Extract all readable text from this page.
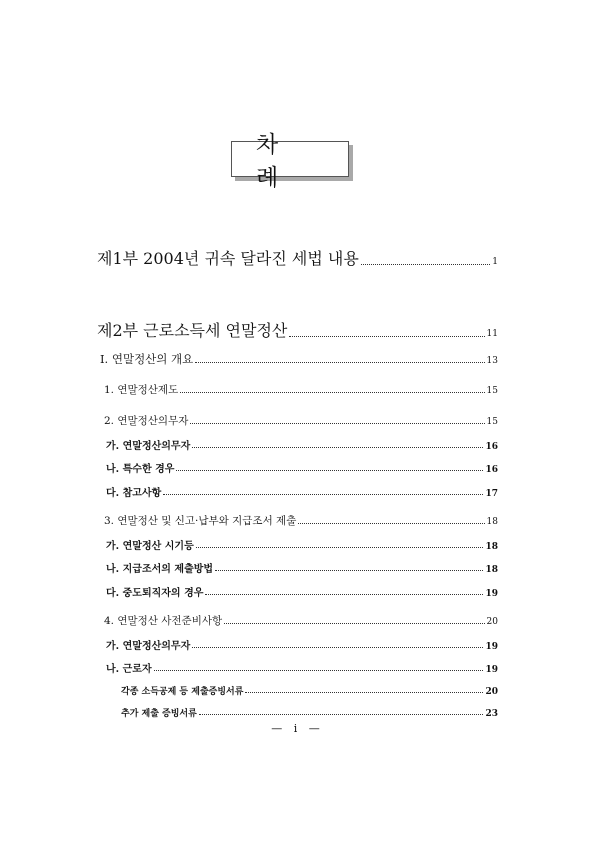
차 례
제1부 2004년 귀속 달라진 세법 내용	1
제2부 근로소득세 연말정산	11
Ⅰ. 연말정산의 개요	13
1. 연말정산제도	15
2. 연말정산의무자	15
가. 연말정산의무자	16
나. 특수한 경우	16
다. 참고사항	17
3. 연말정산 및 신고·납부와 지급조서 제출	18
가. 연말정산 시기등	18
나. 지급조서의 제출방법	18
다. 중도퇴직자의 경우	19
4. 연말정산 사전준비사항	20
가. 연말정산의무자	19
나. 근로자	19
각종 소득공제 등 제출증빙서류	20
추가 제출 증빙서류	23
— i —
